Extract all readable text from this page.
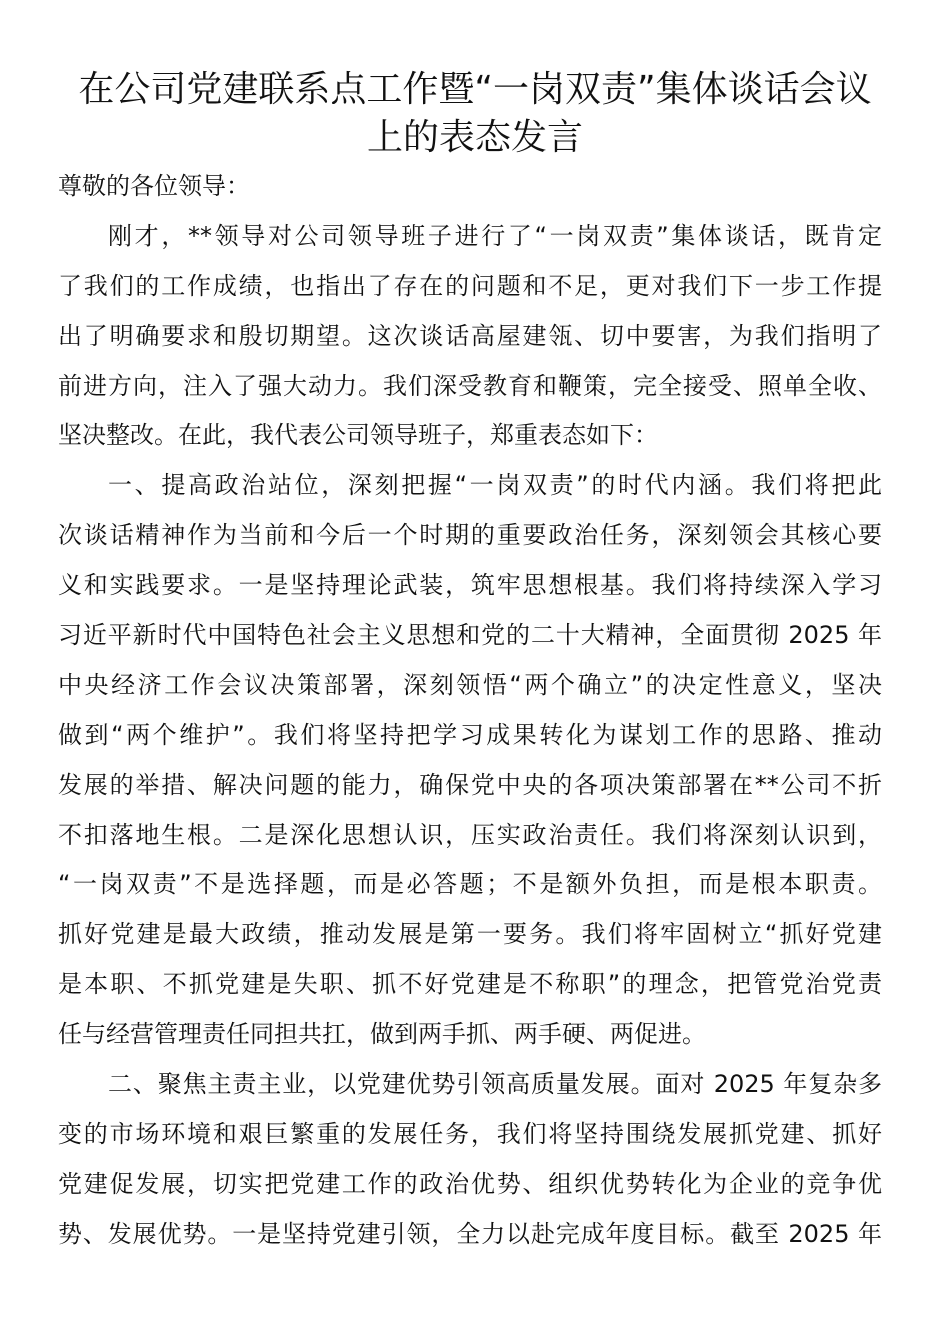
在公司党建联系点工作暨“一岗双责”集体谈话会议
上的表态发言
尊敬的各位领导：
刚才，**领导对公司领导班子进行了“一岗双责”集体谈话，既肯定
了我们的工作成绩，也指出了存在的问题和不足，更对我们下一步工作提
出了明确要求和殷切期望。这次谈话高屋建瓴、切中要害，为我们指明了
前进方向，注入了强大动力。我们深受教育和鞭策，完全接受、照单全收、
坚决整改。在此，我代表公司领导班子，郑重表态如下：
一、提高政治站位，深刻把握“一岗双责”的时代内涵。我们将把此
次谈话精神作为当前和今后一个时期的重要政治任务，深刻领会其核心要
义和实践要求。一是坚持理论武装，筑牢思想根基。我们将持续深入学习
习近平新时代中国特色社会主义思想和党的二十大精神，全面贯彻 2025 年
中央经济工作会议决策部署，深刻领悟“两个确立”的决定性意义，坚决
做到“两个维护”。我们将坚持把学习成果转化为谋划工作的思路、推动
发展的举措、解决问题的能力，确保党中央的各项决策部署在**公司不折
不扣落地生根。二是深化思想认识，压实政治责任。我们将深刻认识到，
“一岗双责”不是选择题，而是必答题；不是额外负担，而是根本职责。
抓好党建是最大政绩，推动发展是第一要务。我们将牢固树立“抓好党建
是本职、不抓党建是失职、抓不好党建是不称职”的理念，把管党治党责
任与经营管理责任同担共扛，做到两手抓、两手硬、两促进。
二、聚焦主责主业，以党建优势引领高质量发展。面对 2025 年复杂多
变的市场环境和艰巨繁重的发展任务，我们将坚持围绕发展抓党建、抓好
党建促发展，切实把党建工作的政治优势、组织优势转化为企业的竞争优
势、发展优势。一是坚持党建引领，全力以赴完成年度目标。截至 2025 年
